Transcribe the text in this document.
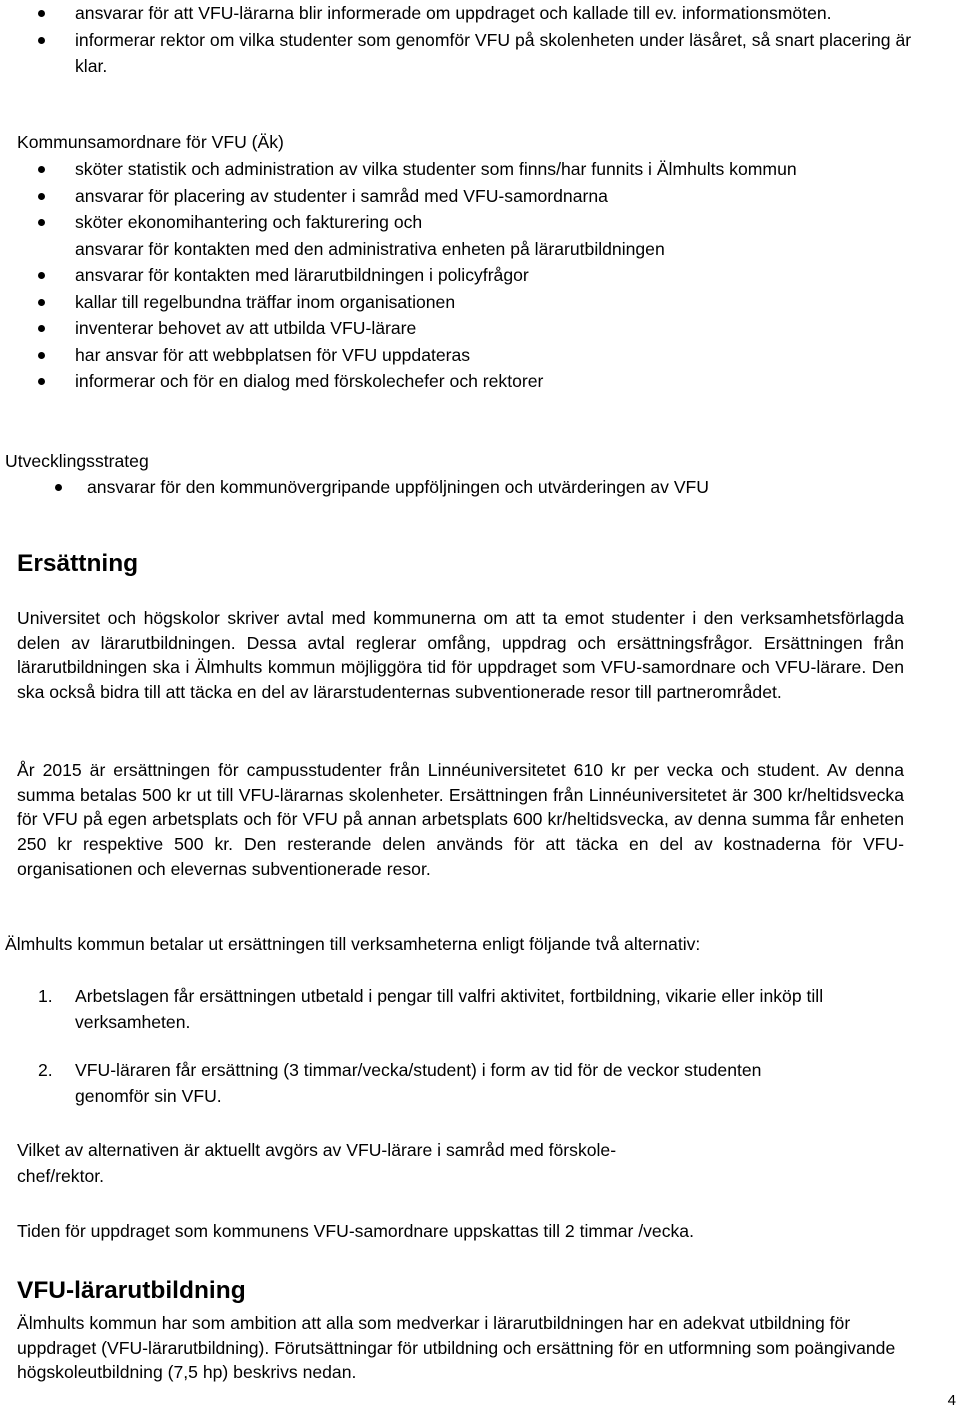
ansvarar för att VFU-lärarna blir informerade om uppdraget och kallade till ev. informationsmöten.
informerar rektor om vilka studenter som genomför VFU på skolenheten under läsåret, så snart placering är klar.

Kommunsamordnare för VFU (Äk)

sköter statistik och administration av vilka studenter som finns/har funnits i Älmhults kommun
ansvarar för placering av studenter i samråd med VFU-samordnarna
sköter ekonomihantering och fakturering och
ansvarar för kontakten med den administrativa enheten på lärarutbildningen
ansvarar för kontakten med lärarutbildningen i policyfrågor
kallar till regelbundna träffar inom organisationen
inventerar behovet av att utbilda VFU-lärare
har ansvar för att webbplatsen för VFU uppdateras
informerar och för en dialog med förskolechefer och rektorer

Utvecklingsstrateg

ansvarar för den kommunövergripande uppföljningen och utvärderingen av VFU
Ersättning

Universitet och högskolor skriver avtal med kommunerna om att ta emot studenter i den verksamhetsförlagda delen av lärarutbildningen. Dessa avtal reglerar omfång, uppdrag och ersättningsfrågor. Ersättningen från lärarutbildningen ska i Älmhults kommun möjliggöra tid för uppdraget som VFU-samordnare och VFU-lärare. Den ska också bidra till att täcka en del av lärarstudenternas subventionerade resor till partnerområdet.

År 2015 är ersättningen för campusstudenter från Linnéuniversitetet 610 kr per vecka och student. Av denna summa betalas 500 kr ut till VFU-lärarnas skolenheter. Ersättningen från Linnéuniversitetet är 300 kr/heltidsvecka för VFU på egen arbetsplats och för VFU på annan arbetsplats 600 kr/heltidsvecka, av denna summa får enheten 250 kr respektive 500 kr. Den resterande delen används för att täcka en del av kostnaderna för VFU-organisationen och elevernas subventionerade resor.

Älmhults kommun betalar ut ersättningen till verksamheterna enligt följande två alternativ:

1. Arbetslagen får ersättningen utbetald i pengar till valfri aktivitet, fortbildning, vikarie eller inköp till verksamheten.
2. VFU-läraren får ersättning (3 timmar/vecka/student) i form av tid för de veckor studenten genomför sin VFU.

Vilket av alternativen är aktuellt avgörs av VFU-lärare i samråd med förskole-
chef/rektor.

Tiden för uppdraget som kommunens VFU-samordnare uppskattas till 2 timmar /vecka.

VFU-lärarutbildning

Älmhults kommun har som ambition att alla som medverkar i lärarutbildningen har en adekvat utbildning för uppdraget (VFU-lärarutbildning). Förutsättningar för utbildning och ersättning för en utformning som poängivande högskoleutbildning (7,5 hp) beskrivs nedan.

4
